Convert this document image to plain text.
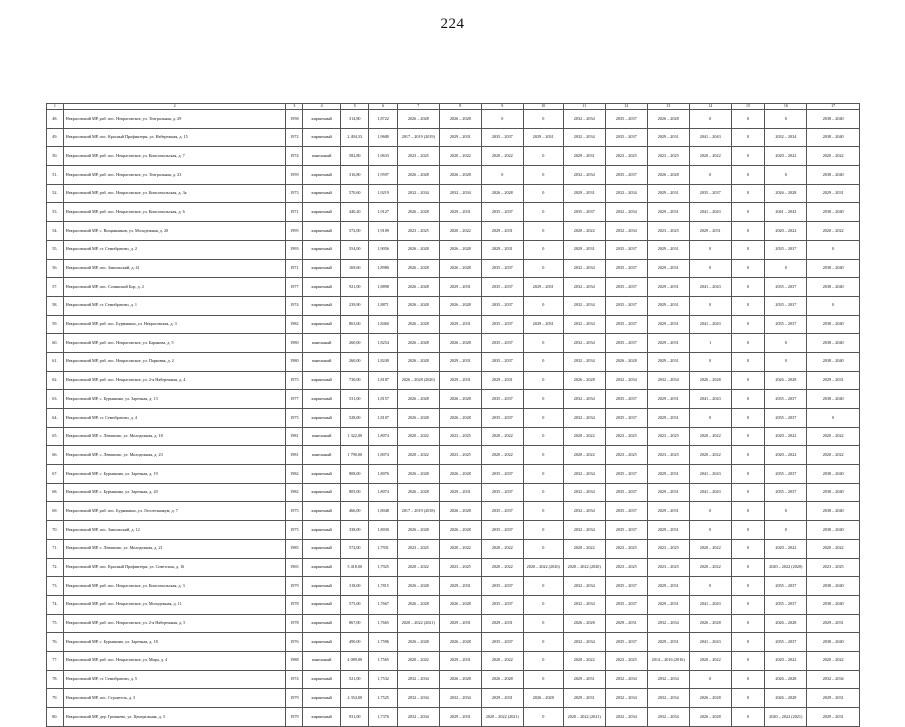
224
1	2	3	4	5	6	7	8	9	10	11	12	13	14	15	16	17
48.	Некрасовский МР, раб. пос. Некрасовское, ул. Театральная, д. 29	1958	кирпичный	314,80	1,8722	2026 – 2028	2026 – 2028	0	0	2032 – 2034	2035 – 2037	2026 – 2028	0	0	0	2038 – 2040
49.	Некрасовский МР, пос. Красный Профинтерн, ул. Набережная, д. 15	1972	кирпичный	2 494,33	1,9680	2017 – 2019 (2019)	2029 – 2031	2035 – 2037	2029 – 2031	2032 – 2034	2035 – 2037	2029 – 2031	2041 – 2043	0	2032 – 2034	2038 – 2040
50.	Некрасовский МР, раб. пос. Некрасовское, ул. Комсомольская, д. 7	1974	панельный	582,80	1,9633	2023 – 2025	2020 – 2022	2020 – 2022	0	2029 – 2031	2023 – 2025	2023 – 2025	2020 – 2022	0	2020 – 2022	2020 – 2022
51.	Некрасовский МР, раб. пос. Некрасовское, ул. Театральная, д. 23	1959	кирпичный	316,80	1,9597	2026 – 2028	2026 – 2028	0	0	2032 – 2034	2035 – 2037	2026 – 2028	0	0	0	2038 – 2040
52.	Некрасовский МР, раб. пос. Некрасовское, ул. Комсомольская, д. 3а	1973	кирпичный	570,60	1,9219	2032 – 2034	2032 – 2034	2026 – 2028	0	2029 – 2031	2032 – 2034	2029 – 2031	2035 – 2037	0	2026 – 2028	2029 – 2031
53.	Некрасовский МР, раб. пос. Некрасовское, ул. Комсомольская, д. 6	1971	кирпичный	440,20	1,9127	2026 – 2028	2029 – 2031	2035 – 2037	0	2035 – 2037	2032 – 2034	2029 – 2031	2041 – 2043	0	2041 – 2043	2038 – 2040
54.	Некрасовский МР, с. Вощажников, ул. Молодежная, д. 20	1995	кирпичный	572,00	1,9109	2023 – 2025	2020 – 2022	2029 – 2031	0	2020 – 2022	2032 – 2034	2023 – 2025	2029 – 2031	0	2020 – 2022	2020 – 2022
55.	Некрасовский МР, ст. Семибратово, д. 2	1993	кирпичный	554,00	1,9056	2026 – 2028	2026 – 2028	2029 – 2031	0	2029 – 2031	2035 – 2037	2029 – 2031	0	0	2035 – 2037	0
56.	Некрасовский МР, пос. Заволжский, д. 41	1971	кирпичный	169,60	1,8980	2026 – 2028	2026 – 2028	2035 – 2037	0	2032 – 2034	2035 – 2037	2029 – 2031	0	0	0	2038 – 2040
57.	Некрасовский МР, пос. Сочинский Бор, д. 2	1977	кирпичный	921,00	1,8898	2026 – 2028	2029 – 2031	2035 – 2037	2029 – 2031	2032 – 2034	2035 – 2037	2029 – 2031	2041 – 2043	0	2035 – 2037	2038 – 2040
58.	Некрасовский МР, ст. Семибратово, д. 1	1974	кирпичный	239,90	1,8871	2026 – 2028	2026 – 2028	2035 – 2037	0	2032 – 2034	2035 – 2037	2029 – 2031	0	0	2035 – 2037	0
59.	Некрасовский МР, раб. пос. Бурмакино, ул. Некрасовская, д. 3	1982	кирпичный	863,60	1,8460	2026 – 2028	2029 – 2031	2035 – 2037	2029 – 2031	2032 – 2034	2035 – 2037	2029 – 2031	2041 – 2043	0	2035 – 2037	2038 – 2040
60.	Некрасовский МР, раб. пос. Некрасовское, ул. Баранова, д. 5	1980	панельный	260,00	1,8254	2026 – 2028	2026 – 2028	2035 – 2037	0	2032 – 2034	2035 – 2037	2029 – 2031	1	0	0	2038 – 2040
61.	Некрасовский МР, раб. пос. Некрасовское, ул. Парковая, д. 2	1980	панельный	260,00	1,8249	2026 – 2028	2029 – 2031	2035 – 2037	0	2032 – 2034	2026 – 2028	2029 – 2031	0	0	0	2038 – 2040
62.	Некрасовский МР, раб. пос. Некрасовское, ул. 2-я Набережная, д. 4	1975	кирпичный	730,00	1,8187	2026 – 2028 (2020)	2029 – 2031	2029 – 2031	0	2026 – 2028	2032 – 2034	2032 – 2034	2026 – 2028	0	2026 – 2028	2029 – 2031
63.	Некрасовский МР, с. Бурмакино, ул. Заречная, д. 13	1977	кирпичный	531,00	1,8157	2026 – 2028	2026 – 2028	2035 – 2037	0	2032 – 2034	2035 – 2037	2029 – 2031	2041 – 2043	0	2035 – 2037	2038 – 2040
64.	Некрасовский МР, ст. Семибратово, д. 4	1975	кирпичный	528,00	1,8107	2026 – 2028	2026 – 2028	2035 – 2037	0	2032 – 2034	2035 – 2037	2029 – 2031	0	0	2035 – 2037	0
65.	Некрасовский МР, с. Левашово, ул. Молодежная, д. 18	1981	панельный	1 322,00	1,8074	2020 – 2022	2023 – 2025	2020 – 2022	0	2020 – 2022	2023 – 2025	2023 – 2025	2020 – 2022	0	2020 – 2022	2020 – 2022
66.	Некрасовский МР, с. Левашово, ул. Молодежная, д. 23	1981	панельный	1 790,00	1,8074	2020 – 2022	2023 – 2025	2020 – 2022	0	2020 – 2022	2023 – 2025	2023 – 2025	2020 – 2022	0	2020 – 2022	2020 – 2022
67.	Некрасовский МР, с. Бурмакино, ул. Заречная, д. 19	1982	кирпичный	808,00	1,8076	2026 – 2028	2026 – 2028	2035 – 2037	0	2032 – 2034	2035 – 2037	2029 – 2031	2041 – 2043	0	2035 – 2037	2038 – 2040
68.	Некрасовский МР, с. Бурмакино, ул. Заречная, д. 20	1982	кирпичный	805,00	1,8074	2026 – 2028	2029 – 2031	2035 – 2037	0	2032 – 2034	2035 – 2037	2029 – 2031	2041 – 2043	0	2035 – 2037	2038 – 2040
69.	Некрасовский МР, раб. пос. Бурмакино, ул. Лесотехникум, д. 7	1975	кирпичный	466,00	1,8048	2017 – 2019 (2018)	2026 – 2028	2035 – 2037	0	2032 – 2034	2035 – 2037	2029 – 2031	0	0	0	2038 – 2040
70.	Некрасовский МР, пос. Заволжский, д. 12	1975	кирпичный	338,00	1,8030	2026 – 2028	2026 – 2028	2035 – 2037	0	2032 – 2034	2035 – 2037	2029 – 2031	0	0	0	2038 – 2040
71.	Некрасовский МР, с. Левашово, ул. Молодежная, д. 21	1985	кирпичный	572,00	1,7931	2023 – 2025	2020 – 2022	2020 – 2022	0	2020 – 2022	2023 – 2025	2023 – 2025	2020 – 2022	0	2020 – 2022	2020 – 2022
72.	Некрасовский МР, пос. Красный Профинтерн, ул. Советская, д. 16	1965	кирпичный	5 418,00	1,7925	2020 – 2022	2023 – 2025	2020 – 2022	2020 – 2022 (2020)	2020 – 2022 (2020)	2023 – 2025	2023 – 2025	2020 – 2022	0	2020 – 2022 (2020)	2023 – 2025
73.	Некрасовский МР, раб. пос. Некрасовское, ул. Комсомольская, д. 3	1979	кирпичный	318,00	1,7815	2026 – 2028	2029 – 2031	2035 – 2037	0	2032 – 2034	2035 – 2037	2029 – 2031	0	0	2035 – 2037	2038 – 2040
74.	Некрасовский МР, раб. пос. Некрасовское, ул. Молодежная, д. 11	1978	кирпичный	575,00	1,7667	2026 – 2028	2026 – 2028	2035 – 2037	0	2032 – 2034	2035 – 2037	2029 – 2031	2041 – 2043	0	2035 – 2037	2038 – 2040
75.	Некрасовский МР, раб. пос. Некрасовское, ул. 2-я Набережная, д. 5	1978	кирпичный	867,00	1,7665	2020 – 2022 (2021)	2029 – 2031	2029 – 2031	0	2026 – 2028	2029 – 2031	2032 – 2034	2026 – 2028	0	2026 – 2028	2029 – 2031
76.	Некрасовский МР, с. Бурмакино, ул. Заречная, д. 18	1976	кирпичный	490,00	1,7596	2026 – 2028	2026 – 2028	2035 – 2037	0	2032 – 2034	2035 – 2037	2029 – 2031	2041 – 2043	0	2035 – 2037	2038 – 2040
77.	Некрасовский МР, раб. пос. Некрасовское, ул. Мира, д. 4	1988	панельный	4 089,00	1,7565	2020 – 2022	2029 – 2031	2020 – 2022	0	2020 – 2022	2023 – 2025	2014 – 2016 (2016)	2020 – 2022	0	2020 – 2022	2020 – 2022
78.	Некрасовский МР, ст. Семибратово, д. 5	1974	кирпичный	521,00	1,7532	2032 – 2034	2026 – 2028	2026 – 2028	0	2029 – 2031	2032 – 2034	2032 – 2034	0	0	2026 – 2028	2032 – 2034
79.	Некрасовский МР, пос. Строитель, д. 3	1979	кирпичный	2 354,00	1,7525	2032 – 2034	2032 – 2034	2029 – 2031	2026 – 2028	2029 – 2031	2032 – 2034	2032 – 2034	2026 – 2028	0	2026 – 2028	2029 – 2031
80.	Некрасовский МР, дер. Грешнево, ул. Центральная, д. 3	1979	кирпичный	931,00	1,7376	2032 – 2034	2029 – 2031	2020 – 2022 (2021)	0	2020 – 2022 (2021)	2032 – 2034	2032 – 2034	2026 – 2028	0	2020 – 2022 (2021)	2029 – 2031
